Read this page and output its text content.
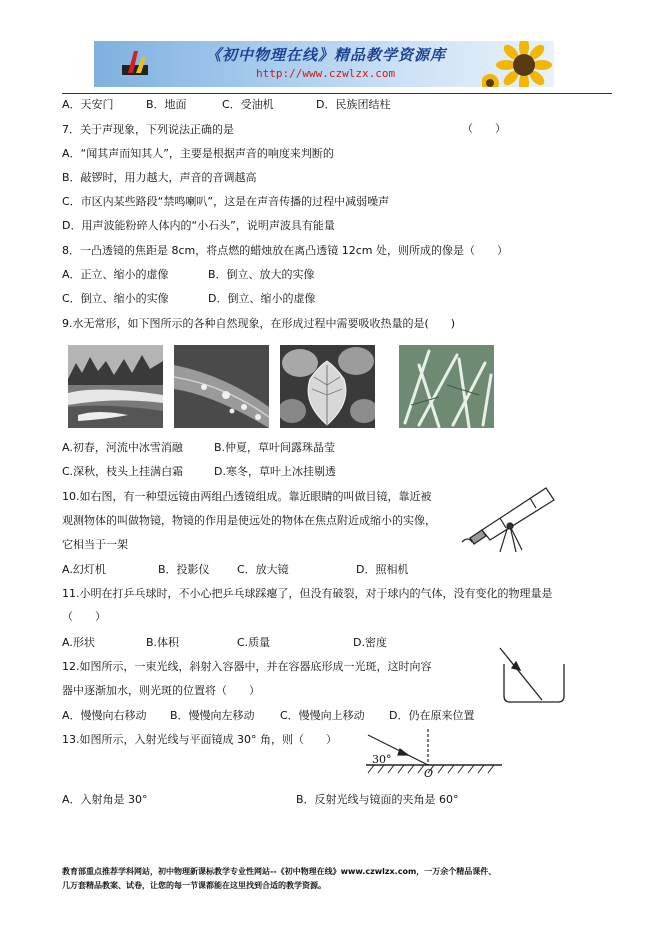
《初中物理在线》精品教学资源库
http://www.czwlzx.com
A．天安门	B．地面	C．受油机	D．民族团结柱
7．关于声现象，下列说法正确的是	（　　）
A．“闻其声而知其人”，主要是根据声音的响度来判断的
B．敲锣时，用力越大，声音的音调越高
C．市区内某些路段“禁鸣喇叭”，这是在声音传播的过程中减弱噪声
D．用声波能粉碎人体内的“小石头”，说明声波具有能量
8．一凸透镜的焦距是 8cm，将点燃的蜡烛放在离凸透镜 12cm 处，则所成的像是（　　）
A．正立、缩小的虚像	B．倒立、放大的实像
C．倒立、缩小的实像	D．倒立、缩小的虚像
9.水无常形，如下图所示的各种自然现象，在形成过程中需要吸收热量的是(　　)
A.初春，河流中冰雪消融	B.仲夏，草叶间露珠晶莹
C.深秋，枝头上挂满白霜	D.寒冬，草叶上冰挂剔透
10.如右图，有一种望远镜由两组凸透镜组成。靠近眼睛的叫做目镜，靠近被
观测物体的叫做物镜，物镜的作用是使远处的物体在焦点附近成缩小的实像，
它相当于一架
A.幻灯机	B．投影仪 C．放大镜	D．照相机
11.小明在打乒乓球时，不小心把乒乓球踩瘪了，但没有破裂，对于球内的气体，没有变化的物理量是
（　　）
A.形状	B.体积	C.质量	D.密度
12.如图所示，一束光线，斜射入容器中，并在容器底形成一光斑，这时向容
器中逐渐加水，则光斑的位置将（　　）
A．慢慢向右移动 B．慢慢向左移动 C．慢慢向上移动 D．仍在原来位置
13.如图所示，入射光线与平面镜成 30° 角，则（　　）
30°
O
A．入射角是 30°	B．反射光线与镜面的夹角是 60°
教育部重点推荐学科网站，初中物理新课标教学专业性网站--《初中物理在线》www.czwlzx.com，一万余个精品课件、
几万套精品教案、试卷，让您的每一节课都能在这里找到合适的教学资源。
